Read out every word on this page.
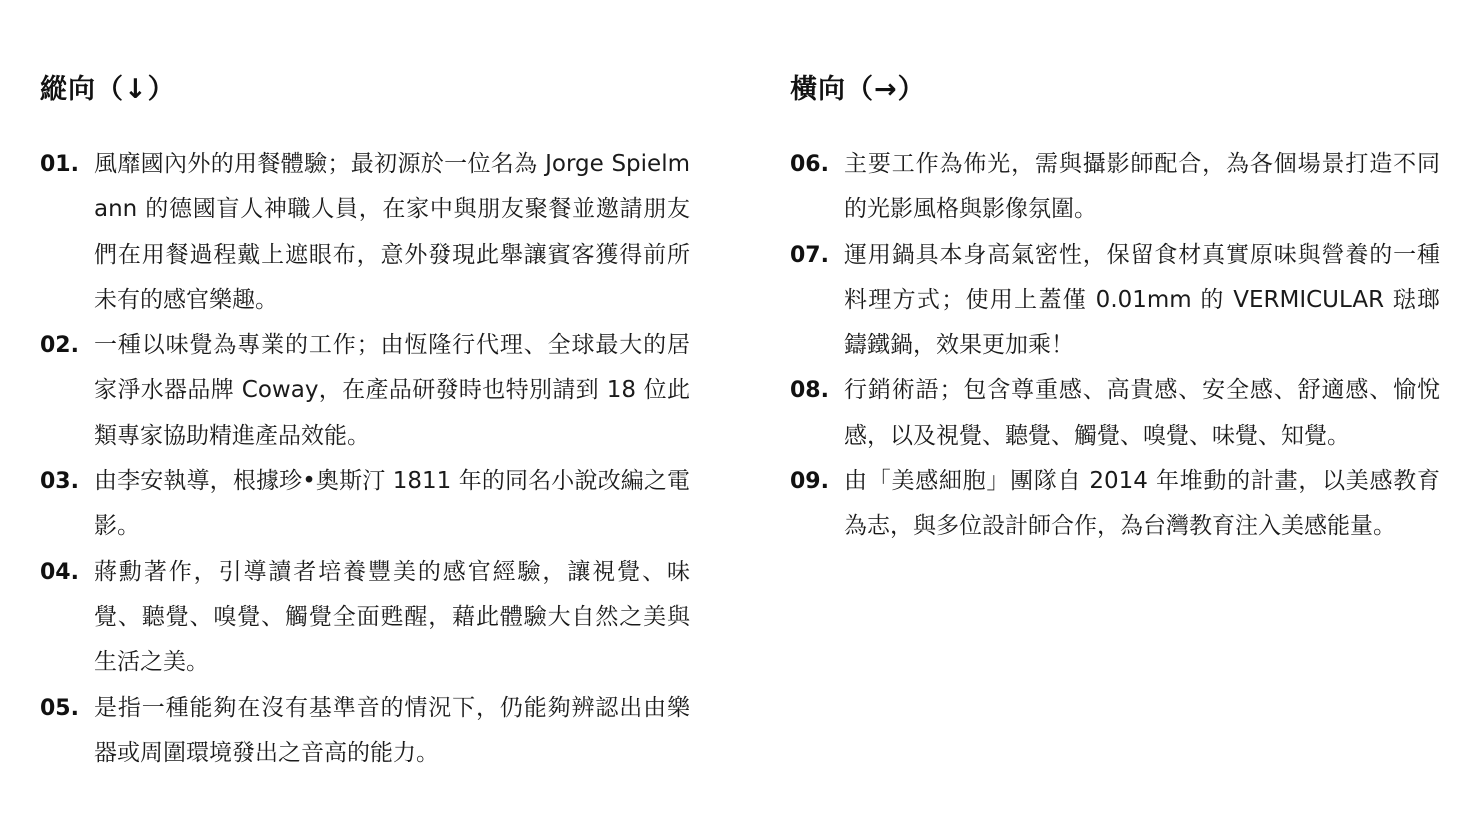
縱向（↓）
01. 風靡國內外的用餐體驗；最初源於一位名為 Jorge Spielmann 的德國盲人神職人員，在家中與朋友聚餐並邀請朋友們在用餐過程戴上遮眼布，意外發現此舉讓賓客獲得前所未有的感官樂趣。
02. 一種以味覺為專業的工作；由恆隆行代理、全球最大的居家淨水器品牌 Coway，在產品研發時也特別請到 18 位此類專家協助精進產品效能。
03. 由李安執導，根據珍•奧斯汀 1811 年的同名小說改編之電影。
04. 蔣勳著作，引導讀者培養豐美的感官經驗，讓視覺、味覺、聽覺、嗅覺、觸覺全面甦醒，藉此體驗大自然之美與生活之美。
05. 是指一種能夠在沒有基準音的情況下，仍能夠辨認出由樂器或周圍環境發出之音高的能力。
橫向（→）
06. 主要工作為佈光，需與攝影師配合，為各個場景打造不同的光影風格與影像氛圍。
07. 運用鍋具本身高氣密性，保留食材真實原味與營養的一種料理方式；使用上蓋僅 0.01mm 的 VERMICULAR 琺瑯鑄鐵鍋，效果更加乘！
08. 行銷術語；包含尊重感、高貴感、安全感、舒適感、愉悅感，以及視覺、聽覺、觸覺、嗅覺、味覺、知覺。
09. 由「美感細胞」團隊自 2014 年堆動的計畫，以美感教育為志，與多位設計師合作，為台灣教育注入美感能量。
